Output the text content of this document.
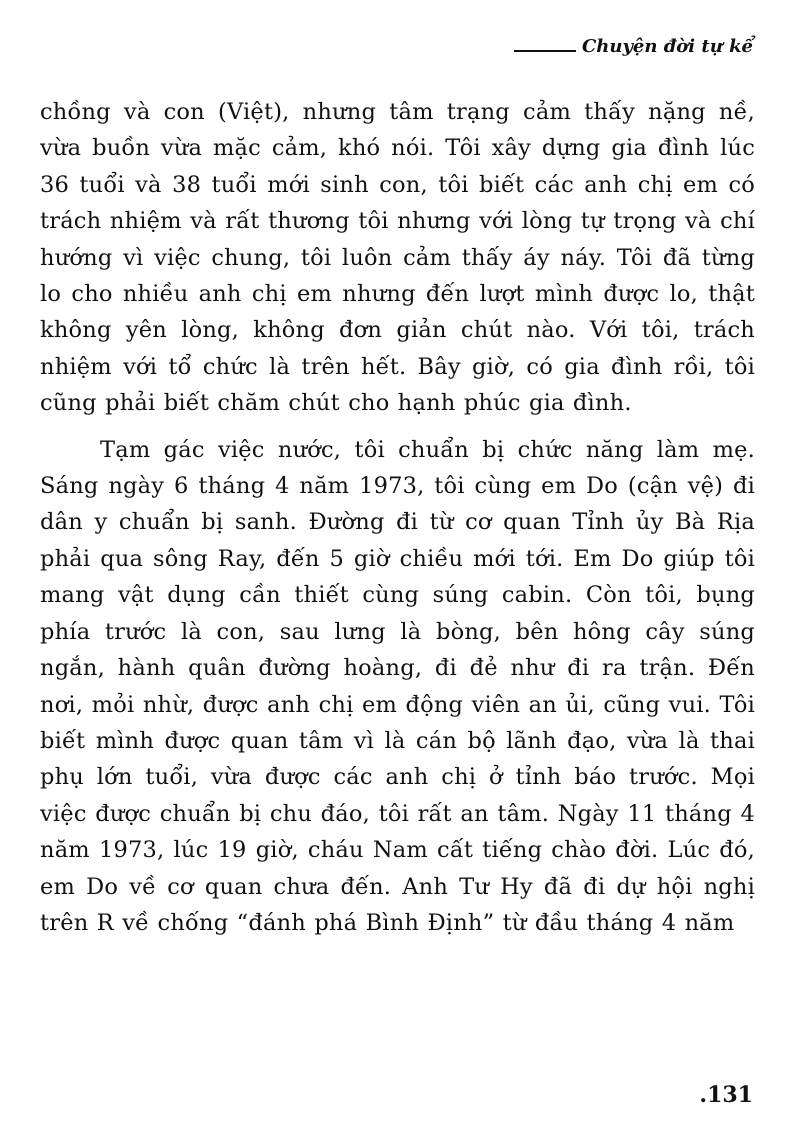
Chuyện đời tự kể

chồng và con (Việt), nhưng tâm trạng cảm thấy nặng nề, vừa buồn vừa mặc cảm, khó nói. Tôi xây dựng gia đình lúc 36 tuổi và 38 tuổi mới sinh con, tôi biết các anh chị em có trách nhiệm và rất thương tôi nhưng với lòng tự trọng và chí hướng vì việc chung, tôi luôn cảm thấy áy náy. Tôi đã từng lo cho nhiều anh chị em nhưng đến lượt mình được lo, thật không yên lòng, không đơn giản chút nào. Với tôi, trách nhiệm với tổ chức là trên hết. Bây giờ, có gia đình rồi, tôi cũng phải biết chăm chút cho hạnh phúc gia đình.

Tạm gác việc nước, tôi chuẩn bị chức năng làm mẹ. Sáng ngày 6 tháng 4 năm 1973, tôi cùng em Do (cận vệ) đi dân y chuẩn bị sanh. Đường đi từ cơ quan Tỉnh ủy Bà Rịa phải qua sông Ray, đến 5 giờ chiều mới tới. Em Do giúp tôi mang vật dụng cần thiết cùng súng cabin. Còn tôi, bụng phía trước là con, sau lưng là bòng, bên hông cây súng ngắn, hành quân đường hoàng, đi đẻ như đi ra trận. Đến nơi, mỏi nhừ, được anh chị em động viên an ủi, cũng vui. Tôi biết mình được quan tâm vì là cán bộ lãnh đạo, vừa là thai phụ lớn tuổi, vừa được các anh chị ở tỉnh báo trước. Mọi việc được chuẩn bị chu đáo, tôi rất an tâm. Ngày 11 tháng 4 năm 1973, lúc 19 giờ, cháu Nam cất tiếng chào đời. Lúc đó, em Do về cơ quan chưa đến. Anh Tư Hy đã đi dự hội nghị trên R về chống “đánh phá Bình Định” từ đầu tháng 4 năm

.131
